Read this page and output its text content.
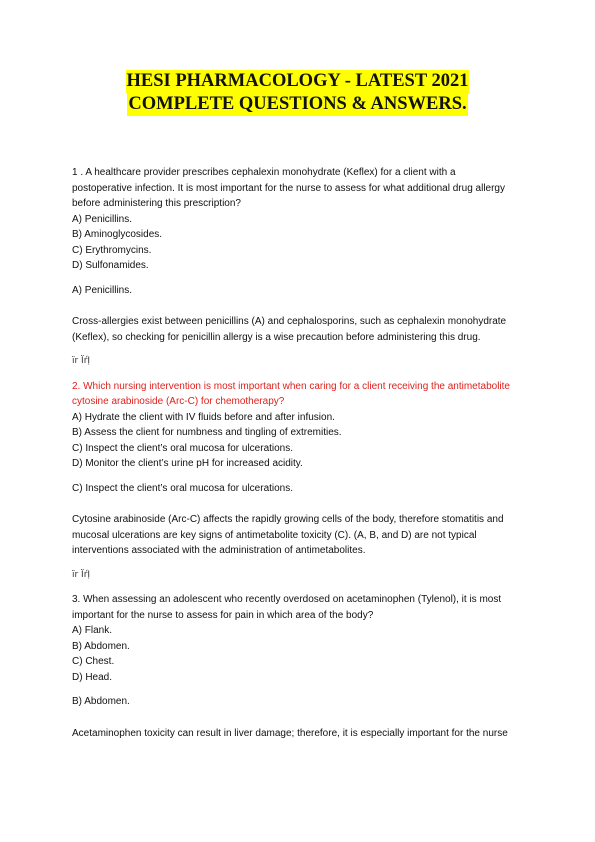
HESI PHARMACOLOGY - LATEST 2021
COMPLETE QUESTIONS & ANSWERS.

1 . A healthcare provider prescribes cephalexin monohydrate (Keflex) for a client with a

postoperative infection. It is most important for the nurse to assess for what additional drug allergy

before administering this prescription?

A) Penicillins.

B) Aminoglycosides.

C) Erythromycins.

D) Sulfonamides.

A) Penicillins.

Cross-allergies exist between penicillins (A) and cephalosporins, such as cephalexin monohydrate

(Keflex), so checking for penicillin allergy is a wise precaution before administering this drug.

ïr ÏŕỊ

2. Which nursing intervention is most important when caring for a client receiving the antimetabolite

cytosine arabinoside (Arc-C) for chemotherapy?

A) Hydrate the client with IV fluids before and after infusion.

B) Assess the client for numbness and tingling of extremities.

C) Inspect the client’s oral mucosa for ulcerations.

D) Monitor the client’s urine pH for increased acidity.

C) Inspect the client’s oral mucosa for ulcerations.

Cytosine arabinoside (Arc-C) affects the rapidly growing cells of the body, therefore stomatitis and

mucosal ulcerations are key signs of antimetabolite toxicity (C). (A, B, and D) are not typical

interventions associated with the administration of antimetabolites.

ïr ÏŕỊ

3. When assessing an adolescent who recently overdosed on acetaminophen (Tylenol), it is most

important for the nurse to assess for pain in which area of the body?

A) Flank.

B) Abdomen.

C) Chest.

D) Head.

B) Abdomen.

Acetaminophen toxicity can result in liver damage; therefore, it is especially important for the nurse
